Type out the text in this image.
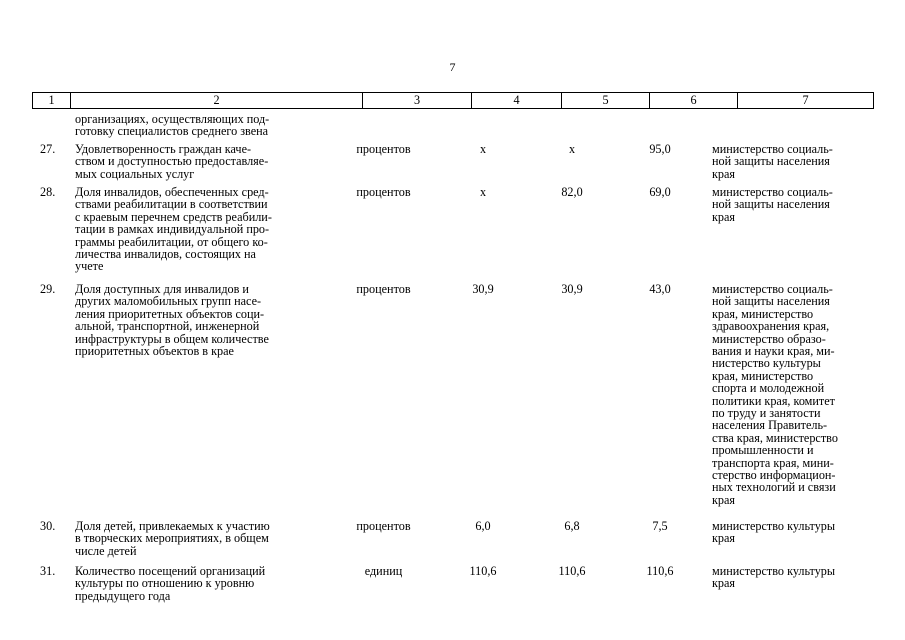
7
1	2	3	4	5	6	7
организациях, осуществляющих под-
готовку специалистов среднего звена
27. Удовлетворенность граждан каче-
ством и доступностью предоставляе-
мых социальных услуг
процентов	х	х	95,0	министерство социаль-
ной защиты населения
края
28. Доля инвалидов, обеспеченных сред-
ствами реабилитации в соответствии
с краевым перечнем средств реабили-
тации в рамках индивидуальной про-
граммы реабилитации, от общего ко-
личества инвалидов, состоящих на
учете
процентов	х	82,0	69,0	министерство социаль-
ной защиты населения
края
29. Доля доступных для инвалидов и
других маломобильных групп насе-
ления приоритетных объектов соци-
альной, транспортной, инженерной
инфраструктуры в общем количестве
приоритетных объектов в крае
процентов	30,9	30,9	43,0	министерство социаль-
ной защиты населения
края, министерство
здравоохранения края,
министерство образо-
вания и науки края, ми-
нистерство культуры
края, министерство
спорта и молодежной
политики края, комитет
по труду и занятости
населения Правитель-
ства края, министерство
промышленности и
транспорта края, мини-
стерство информацион-
ных технологий и связи
края
30. Доля детей, привлекаемых к участию
в творческих мероприятиях, в общем
числе детей
процентов	6,0	6,8	7,5	министерство культуры
края
31. Количество посещений организаций
культуры по отношению к уровню
предыдущего года
единиц	110,6	110,6	110,6	министерство культуры
края
